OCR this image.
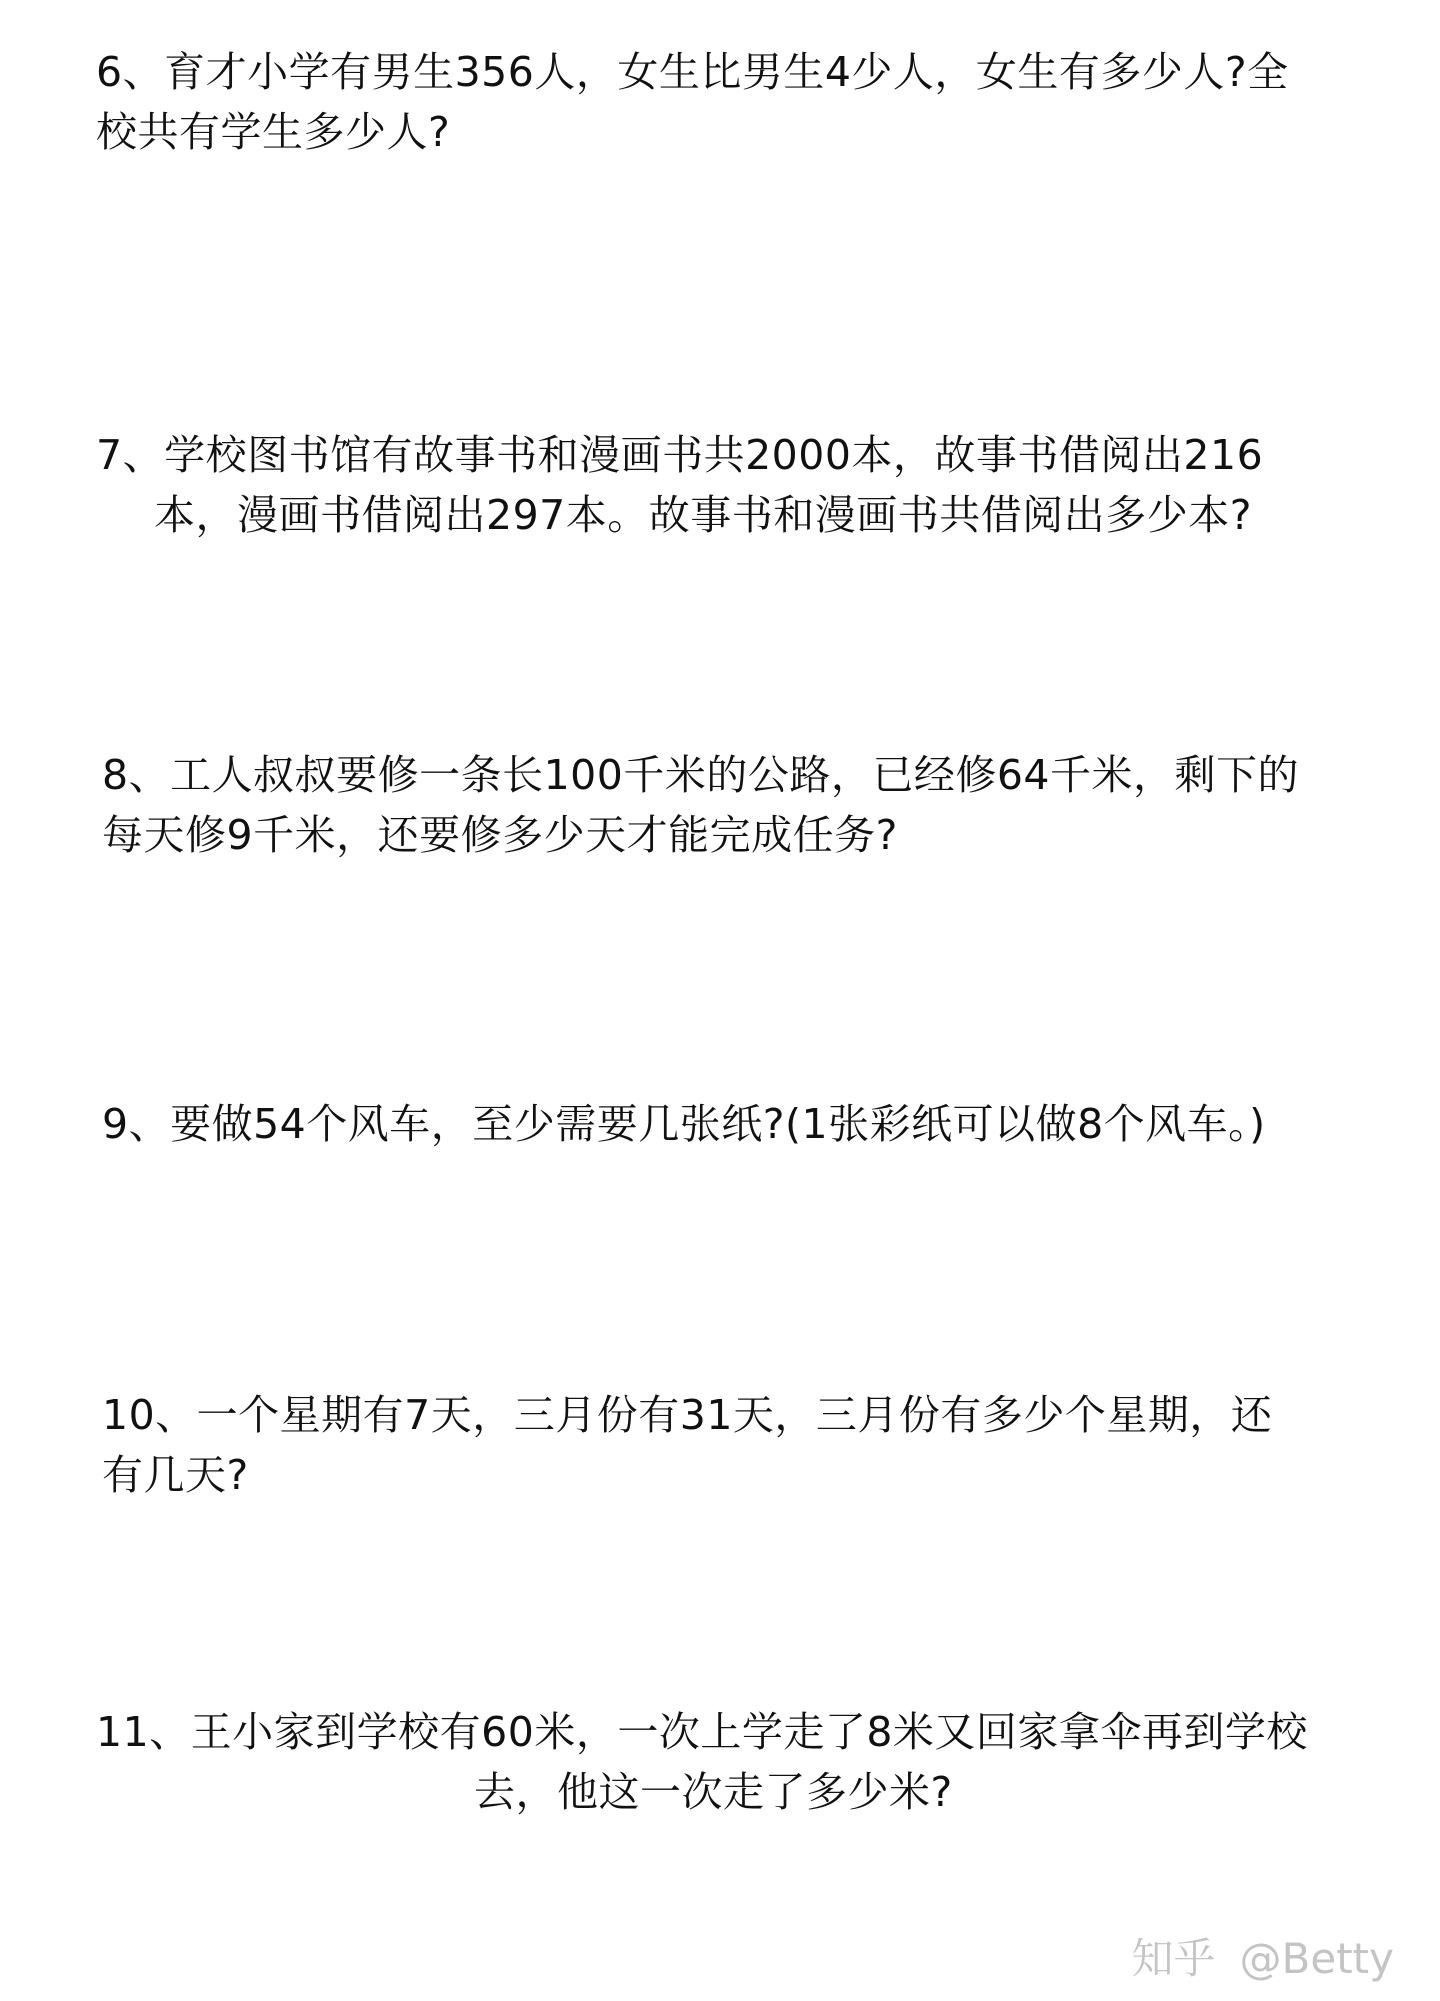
6、育才小学有男生356人，女生比男生4少人，女生有多少人?全
校共有学生多少人?
7、学校图书馆有故事书和漫画书共2000本，故事书借阅出216
本，漫画书借阅出297本。故事书和漫画书共借阅出多少本?
8、工人叔叔要修一条长100千米的公路，已经修64千米，剩下的
每天修9千米，还要修多少天才能完成任务?
9、要做54个风车，至少需要几张纸?(1张彩纸可以做8个风车。)
10、一个星期有7天，三月份有31天，三月份有多少个星期，还
有几天?
11、王小家到学校有60米，一次上学走了8米又回家拿伞再到学校
去，他这一次走了多少米?
知乎 @Betty
